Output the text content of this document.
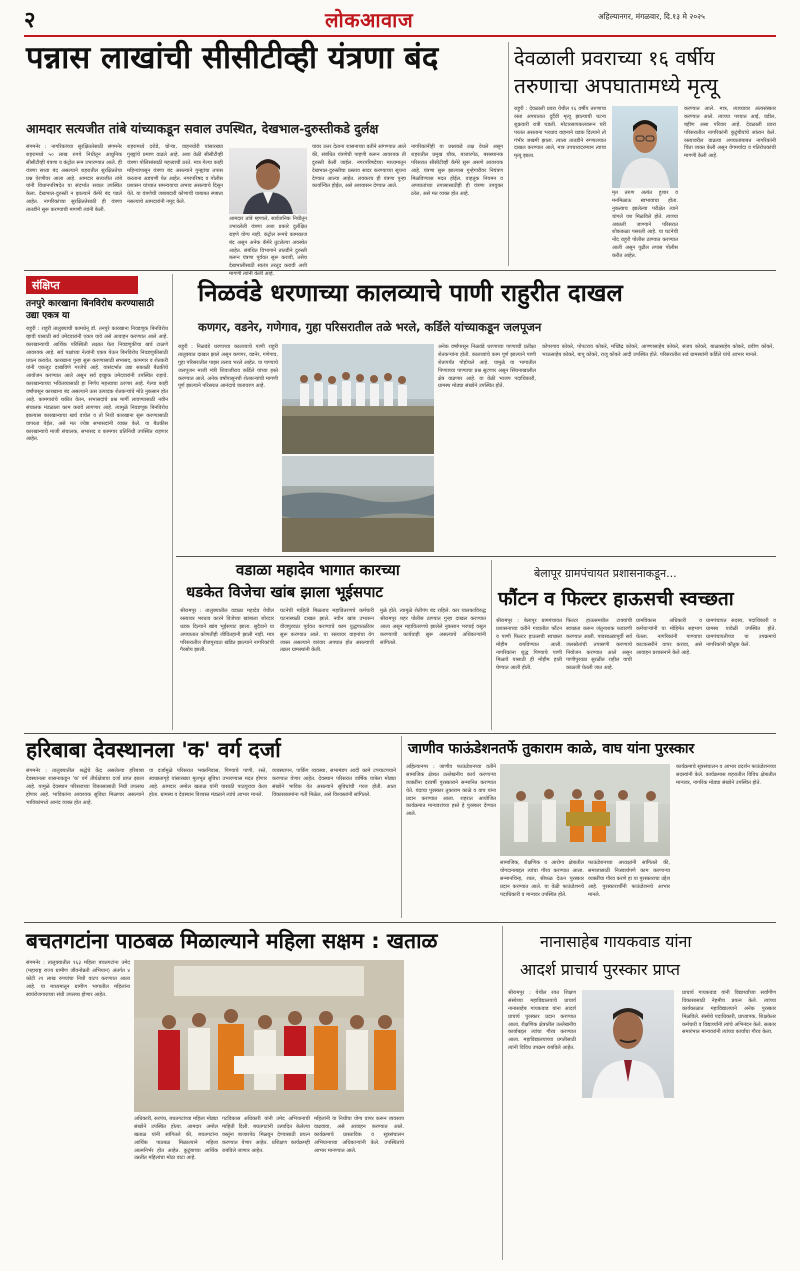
२	लोकआवाज	अहिल्यानगर, मंगळवार, दि.१३ मे २०२५
पन्नास लाखांची सीसीटीव्ही यंत्रणा बंद
आमदार सत्यजीत तांबे यांच्याकडून सवाल उपस्थित, देखभाल-दुरुस्तीकडे दुर्लक्ष
संगमनेर : नागरिकांच्या सुरक्षिततेसाठी संगमनेर शहरामध्ये ५० लाख रुपये निधीतून आधुनिक सीसीटीव्ही यंत्रणा व कंट्रोल रूम उभारण्यात आले. ही यंत्रणा सध्या बंद असल्याने शहरातील सुरक्षिततेचा प्रश्न ऐरणीवर आला आहे. आमदार सत्यजीत तांबे यांनी विधानपरिषदेत या संदर्भात सवाल उपस्थित केला. देखभाल-दुरुस्ती न झाल्याने कॅमेरे बंद पडले आहेत. नागरिकांच्या सुरक्षिततेसाठी ही यंत्रणा तातडीने सुरू करण्याची मागणी त्यांनी केली.
शहरामध्ये दरोडे, चोऱ्या, वाहनचोरी यांसारख्या गुन्ह्यांचे प्रमाण वाढले आहे. अशा वेळी सीसीटीव्ही यंत्रणा पोलिसांसाठी महत्त्वाची ठरते. मात्र गेल्या काही महिन्यांपासून यंत्रणा बंद असल्याने गुन्ह्यांचा तपास करताना अडचणी येत आहेत. नगरपरिषद व पोलीस प्रशासन यांच्यात समन्वयाचा अभाव असल्याचे दिसून येते. या यंत्रणेची जबाबदारी कोणाची याबाबत स्पष्टता नसल्याचे आमदारांनी नमूद केले.
आमदार तांबे म्हणाले, सार्वजनिक निधीतून उभारलेली यंत्रणा अशा प्रकारे दुर्लक्षित राहणे योग्य नाही. कंट्रोल रूमचे कामकाज बंद असून अनेक कॅमेरे तुटलेल्या अवस्थेत आहेत. संबंधित विभागाने तातडीने दुरुस्ती करून यंत्रणा पूर्ववत सुरू करावी, तसेच देखभालीसाठी स्वतंत्र तरतूद करावी अशी मागणी त्यांनी केली आहे.
यावर उत्तर देताना शासनाच्या वतीने सांगण्यात आले की, संबंधित यंत्रणेची पाहणी करून आवश्यक ती दुरुस्ती केली जाईल. नगरपरिषदेच्या माध्यमातून देखभाल-दुरुस्तीचा प्रस्ताव सादर करण्याच्या सूचना देण्यात आल्या आहेत. लवकरच ही यंत्रणा पुन्हा कार्यान्वित होईल, असे आश्वासन देण्यात आले.
नागरिकांनीही या प्रश्नाकडे लक्ष वेधले असून शहरातील प्रमुख चौक, बाजारपेठ, बसस्थानक परिसरात सीसीटीव्ही कॅमेरे सुरू असणे आवश्यक आहे. यंत्रणा सुरू झाल्यास गुन्हेगारीवर नियंत्रण मिळविण्यास मदत होईल. वाहतूक नियमन व अपघातांच्या तपासासाठीही ही यंत्रणा उपयुक्त ठरेल, असे मत व्यक्त होत आहे.
देवळाली प्रवराच्या १६ वर्षीय
तरुणाचा अपघातामध्ये मृत्यू
राहुरी : देवळाली प्रवरा येथील १६ वर्षीय तरुणाचा रस्ता अपघातात दुर्दैवी मृत्यू झाल्याची घटना शुक्रवारी रात्री घडली. मोटारसायकलवरून घरी परतत असताना भरधाव वाहनाने धडक दिल्याने तो गंभीर जखमी झाला. त्याला तातडीने रुग्णालयात दाखल करण्यात आले, मात्र उपचारादरम्यान त्याचा मृत्यू झाला.
मृत तरुण अत्यंत हुशार व मनमिळाऊ स्वभावाचा होता. नुकत्याच झालेल्या परीक्षेत त्याने चांगले यश मिळविले होते. त्याच्या अकाली जाण्याने परिसरात शोककळा पसरली आहे. या घटनेची नोंद राहुरी पोलीस ठाण्यात करण्यात आली असून पुढील तपास पोलीस करीत आहेत.
करण्यात आले. मात्र, त्याच्यावर अंत्यसंस्कार करण्यात आले. त्याच्या पश्चात आई, वडील, बहीण असा परिवार आहे. देवळाली प्रवरा परिसरातील नागरिकांनी कुटुंबीयांचे सांत्वन केले. रस्त्यावरील वाढत्या अपघातांबाबत नागरिकांनी चिंता व्यक्त केली असून वेगमर्यादा व गतिरोधकांची मागणी केली आहे.
संक्षिप्त
तनपुरे कारखाना बिनविरोध करण्यासाठी उद्या एकत्र या
राहुरी : राहुरी तालुक्याची कामधेनू डॉ. तनपुरे कारखाना निवडणूक बिनविरोध व्हावी यासाठी सर्व उमेदवारांनी एकत्र यावे असे आवाहन करण्यात आले आहे. कारखान्याची आर्थिक परिस्थिती लक्षात घेता निवडणुकीचा खर्च टाळणे आवश्यक आहे. सर्व पक्षांच्या नेत्यांनी एकत्र येऊन बिनविरोध निवडणुकीसाठी प्रयत्न करावेत. कारखाना पुन्हा सुरू करण्यासाठी सभासद, कामगार व शेतकरी यांनी एकजूट दाखविणे गरजेचे आहे. यासंदर्भात उद्या सकाळी बैठकीचे आयोजन करण्यात आले असून सर्व इच्छुक उमेदवारांनी उपस्थित राहावे. कारखान्याच्या भवितव्यासाठी हा निर्णय महत्त्वाचा ठरणार आहे. गेल्या काही वर्षांपासून कारखाना बंद असल्याने ऊस उत्पादक शेतकऱ्यांचे मोठे नुकसान होत आहे. कामगारांचे थकीत वेतन, सभासदांचे प्रश्न मार्गी लावण्यासाठी नवीन संचालक मंडळाला काम करावे लागणार आहे. त्यामुळे निवडणूक बिनविरोध झाल्यास कारखान्याचा खर्च वाचेल व तो निधी कारखाना सुरू करण्यासाठी वापरता येईल, असे मत ज्येष्ठ सभासदांनी व्यक्त केले. या बैठकीस कारखान्याचे माजी संचालक, सभासद व कामगार प्रतिनिधी उपस्थित राहणार आहेत.
निळवंडे धरणाच्या कालव्याचे पाणी राहुरीत दाखल
कणगर, वडनेर, गणेगाव, गुहा परिसरातील तळे भरले, कर्डिले यांच्याकडून जलपूजन
राहुरी : निळवंडे धरणाच्या कालव्याचे पाणी राहुरी तालुक्यात दाखल झाले असून कणगर, वडनेर, गणेगाव, गुहा परिसरातील पाझर तलाव भरले आहेत. या पाण्याचे जलपूजन माजी मंत्री शिवाजीराव कर्डिले यांच्या हस्ते करण्यात आले. अनेक वर्षांपासूनची शेतकऱ्यांची मागणी पूर्ण झाल्याने परिसरात आनंदाचे वातावरण आहे.
अनेक वर्षांपासून निळवंडे धरणाच्या पाण्याची प्रतीक्षा शेतकऱ्यांना होती. कालव्यांचे काम पूर्ण झाल्याने पाणी शेतापर्यंत पोहोचले आहे. यामुळे या भागातील पिण्याच्या पाण्याचा प्रश्न सुटणार असून सिंचनाखालील क्षेत्र वाढणार आहे. या वेळी भाजप पदाधिकारी, ग्रामस्थ मोठ्या संख्येने उपस्थित होते.
कोपरगाव कोकरे, पोपटराव कोकरे, मच्छिंद्र कोकरे, आण्णासाहेब कोकरे, संजय कोकरे, बाळासाहेब कोकरे, प्रवीण कोकरे, भाऊसाहेब कोकरे, बापू कोकरे, राजू कोकरे आदी उपस्थित होते. परिसरातील सर्व ग्रामस्थांनी कर्डिले यांचे आभार मानले.
वडाळा महादेव भागात कारच्या
धडकेत विजेचा खांब झाला भूईसपाट
श्रीरामपूर : तालुक्यातील वडाळा महादेव येथील रस्त्यावर भरधाव कारने विजेच्या खांबाला जोरदार धडक दिल्याने खांब भूईसपाट झाला. सुदैवाने या अपघातात कोणतीही जीवितहानी झाली नाही. मात्र परिसरातील वीजपुरवठा खंडित झाल्याने नागरिकांची गैरसोय झाली.
घटनेची माहिती मिळताच महावितरणचे कर्मचारी घटनास्थळी दाखल झाले. नवीन खांब उभारून वीजपुरवठा पूर्ववत करण्याचे काम युद्धपातळीवर सुरू करण्यात आले. या रस्त्यावर वाहनांचा वेग जास्त असल्याने वारंवार अपघात होत असल्याची तक्रार ग्रामस्थांनी केली.
मुळे होते. त्यामुळे शेतीपंप बंद राहिले. कार चालकाविरुद्ध श्रीरामपूर शहर पोलीस ठाण्यात गुन्हा दाखल करण्यात आला असून महावितरणचे झालेले नुकसान भरपाई वसूल करण्याची कार्यवाही सुरू असल्याचे अधिकाऱ्यांनी सांगितले.
बेलापूर ग्रामपंचायत प्रशासनाकडून...
फौंटन व फिल्टर हाऊसची स्वच्छता
श्रीरामपूर : बेलापूर ग्रामपंचायत प्रशासनाच्या वतीने गावातील फौंटन व पाणी फिल्टर हाऊसची स्वच्छता मोहीम राबविण्यात आली. नागरिकांना शुद्ध पिण्याचे पाणी मिळावे यासाठी ही मोहीम हाती घेण्यात आली होती.
फिल्टर हाऊसमधील टाक्यांची स्वच्छता करून जंतुनाशक फवारणी करण्यात आली. पावसाळ्यापूर्वी सर्व जलस्रोतांची तपासणी करण्याचे नियोजन करण्यात आले असून पाणीपुरवठा सुरळीत राहील याची काळजी घेतली जात आहे.
ग्रामविकास अधिकारी व कर्मचाऱ्यांनी या मोहिमेत सहभाग घेतला. नागरिकांनी पाण्याचा काटकसरीने वापर करावा, असे आवाहन प्रशासनाने केले आहे.
ग्रामपंचायत सदस्य, पदाधिकारी व ग्रामस्थ यावेळी उपस्थित होते. ग्रामपंचायतीच्या या उपक्रमाचे नागरिकांनी कौतुक केले.
हरिबाबा देवस्थानला 'क' वर्ग दर्जा
संगमनेर : तालुक्यातील श्रद्धेचे केंद्र असलेल्या हरिबाबा देवस्थानला शासनाकडून 'क' वर्ग तीर्थक्षेत्राचा दर्जा प्राप्त झाला आहे. यामुळे देवस्थान परिसराच्या विकासासाठी निधी उपलब्ध होणार आहे. भाविकांना आवश्यक सुविधा मिळणार असल्याने भाविकांमध्ये आनंद व्यक्त होत आहे.
या दर्जामुळे परिसरात भक्तनिवास, पिण्याचे पाणी, रस्ते, स्वच्छतागृहे यांसारख्या मूलभूत सुविधा उभारण्यास मदत होणार आहे. आमदार अमोल खताळ यांनी यासाठी पाठपुरावा केला होता. ग्रामस्थ व देवस्थान विश्वस्त मंडळाने त्यांचे आभार मानले.
व्यवस्थापन, पार्किंग व्यवस्था, सभामंडप आदी कामे टप्प्याटप्प्याने करण्यात येणार आहेत. देवस्थान परिसरात वार्षिक यात्रेला मोठ्या संख्येने भाविक येत असल्याने सुविधांची गरज होती. आता विकासकामांना गती मिळेल, असे विश्वस्तांनी सांगितले.
जाणीव फाऊंडेशनतर्फे तुकाराम काळे, वाघ यांना पुरस्कार
अहिल्यानगर : जाणीव फाऊंडेशनच्या वतीने सामाजिक क्षेत्रात उल्लेखनीय कार्य करणाऱ्या व्यक्तींना दरवर्षी पुरस्काराने सन्मानित करण्यात येते. यंदाचा पुरस्कार तुकाराम काळे व वाघ यांना प्रदान करण्यात आला. शहरात आयोजित कार्यक्रमात मान्यवरांच्या हस्ते हे पुरस्कार देण्यात आले.
सामाजिक, शैक्षणिक व आरोग्य क्षेत्रातील योगदानाबद्दल त्यांचा गौरव करण्यात आला. सन्मानचिन्ह, शाल, श्रीफळ देऊन पुरस्कार प्रदान करण्यात आले. या वेळी फाऊंडेशनचे पदाधिकारी व मान्यवर उपस्थित होते.
फाऊंडेशनच्या अध्यक्षांनी सांगितले की, समाजासाठी निःस्वार्थपणे काम करणाऱ्या व्यक्तींचा गौरव करणे हा या पुरस्काराचा उद्देश आहे. पुरस्कारार्थींनी फाऊंडेशनचे आभार मानले.
कार्यक्रमाचे सूत्रसंचालन व आभार प्रदर्शन फाऊंडेशनच्या सदस्यांनी केले. कार्यक्रमास शहरातील विविध क्षेत्रातील मान्यवर, नागरिक मोठ्या संख्येने उपस्थित होते.
बचतगटांना पाठबळ मिळाल्याने महिला सक्षम : खताळ
संगमनेर : तालुक्यातील १६३ महिला बचतगटांना उमेद (महाराष्ट्र राज्य ग्रामीण जीवनोन्नती अभियान) अंतर्गत ४ कोटी २१ लाख रुपयांचा निधी वाटप करण्यात आला आहे. या माध्यमातून ग्रामीण भागातील महिलांना स्वयंरोजगाराच्या संधी उपलब्ध होणार आहेत.
अधिकारी, सरपंच, बचतगटांच्या महिला मोठ्या संख्येने उपस्थित होत्या. आमदार अमोल खताळ यांनी सांगितले की, बचतगटांना आर्थिक पाठबळ मिळाल्याने महिला आत्मनिर्भर होत आहेत. कुटुंबाच्या आर्थिक उन्नतीत महिलांचा मोठा वाटा आहे.
गटविकास अधिकारी यांनी उमेद अभियानाची माहिती दिली. बचतगटांनी उत्पादित केलेल्या वस्तूंना बाजारपेठ मिळवून देण्यासाठी प्रयत्न करण्यात येणार आहेत. प्रशिक्षण कार्यक्रमही राबविले जाणार आहेत.
महिलांनी या निधीचा योग्य वापर करून व्यवसाय वाढवावा, असे आवाहन करण्यात आले. कार्यक्रमाचे प्रास्ताविक व सूत्रसंचालन अभियानाच्या अधिकाऱ्यांनी केले. उपस्थितांचे आभार मानण्यात आले.
नानासाहेब गायकवाड यांना
आदर्श प्राचार्य पुरस्कार प्राप्त
श्रीरामपूर : येथील रयत शिक्षण संस्थेच्या महाविद्यालयाचे प्राचार्य नानासाहेब गायकवाड यांना आदर्श प्राचार्य पुरस्कार प्रदान करण्यात आला. शैक्षणिक क्षेत्रातील उल्लेखनीय कार्याबद्दल त्यांचा गौरव करण्यात आला. महाविद्यालयाच्या प्रगतीसाठी त्यांनी विविध उपक्रम राबविले आहेत.
प्राचार्य गायकवाड यांनी विद्यार्थ्यांच्या सर्वांगीण विकासासाठी नेहमीच प्रयत्न केले. त्यांच्या कार्यकाळात महाविद्यालयाने अनेक पुरस्कार मिळविले. संस्थेचे पदाधिकारी, प्राध्यापक, शिक्षकेतर कर्मचारी व विद्यार्थ्यांनी त्यांचे अभिनंदन केले. सत्कार समारंभात मान्यवरांनी त्यांच्या कार्याचा गौरव केला.
